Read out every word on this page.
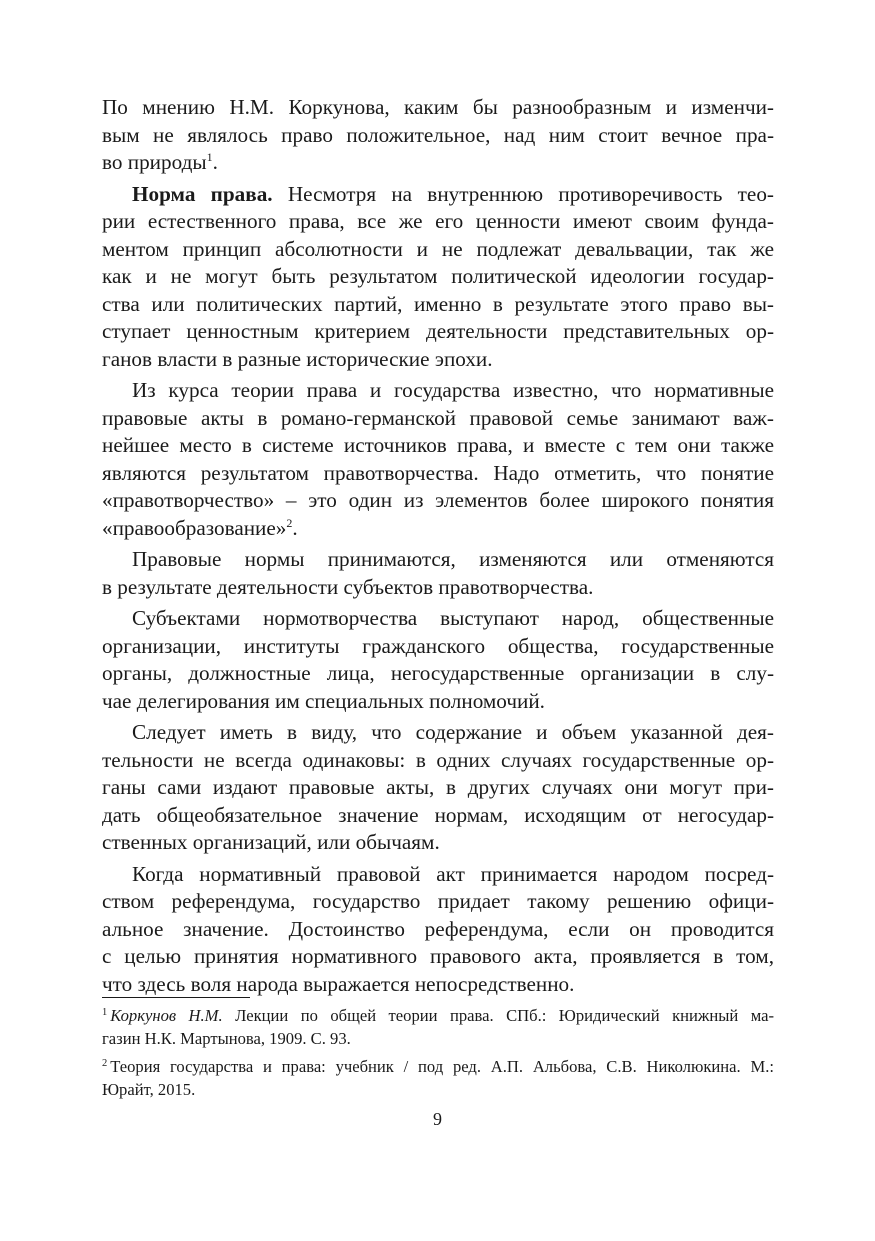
По мнению Н.М. Коркунова, каким бы разнообразным и изменчи-
вым не являлось право положительное, над ним стоит вечное пра-
во природы$^1$.
Норма права. Несмотря на внутреннюю противоречивость тео-
рии естественного права, все же его ценности имеют своим фунда-
ментом принцип абсолютности и не подлежат девальвации, так же
как и не могут быть результатом политической идеологии государ-
ства или политических партий, именно в результате этого право вы-
ступает ценностным критерием деятельности представительных ор-
ганов власти в разные исторические эпохи.
Из курса теории права и государства известно, что нормативные
правовые акты в романо-германской правовой семье занимают важ-
нейшее место в системе источников права, и вместе с тем они также
являются результатом правотворчества. Надо отметить, что понятие
«правотворчество» – это один из элементов более широкого понятия
«правообразование»$^2$.
Правовые нормы принимаются, изменяются или отменяются
в результате деятельности субъектов правотворчества.
Субъектами нормотворчества выступают народ, общественные
организации, институты гражданского общества, государственные
органы, должностные лица, негосударственные организации в слу-
чае делегирования им специальных полномочий.
Следует иметь в виду, что содержание и объем указанной дея-
тельности не всегда одинаковы: в одних случаях государственные ор-
ганы сами издают правовые акты, в других случаях они могут при-
дать общеобязательное значение нормам, исходящим от негосудар-
ственных организаций, или обычаям.
Когда нормативный правовой акт принимается народом посред-
ством референдума, государство придает такому решению офици-
альное значение. Достоинство референдума, если он проводится
с целью принятия нормативного правового акта, проявляется в том,
что здесь воля народа выражается непосредственно.
$^1$ Коркунов Н.М. Лекции по общей теории права. СПб.: Юридический книжный ма-
газин Н.К. Мартынова, 1909. С. 93.
$^2$ Теория государства и права: учебник / под ред. А.П. Альбова, С.В. Николюкина. М.:
Юрайт, 2015.
9
